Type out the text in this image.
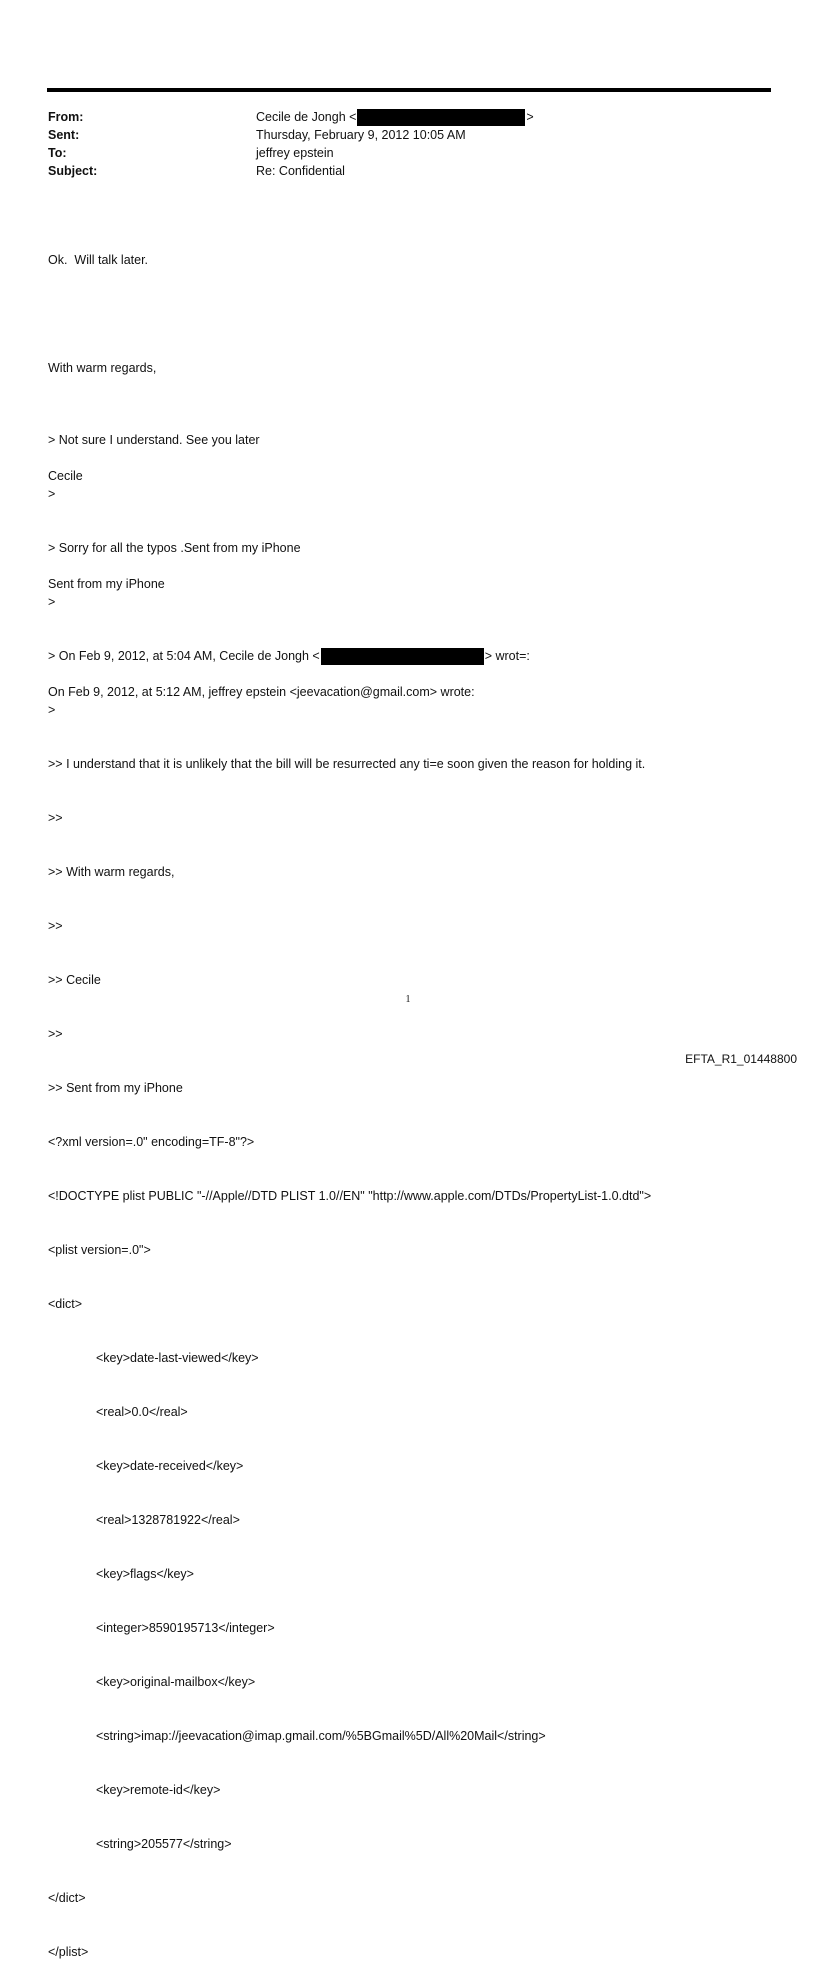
From:	Cecile de Jongh <	>
Sent:	Thursday, February 9, 2012 10:05 AM
To:	jeffrey epstein
Subject:	Re: Confidential

Ok.  Will talk later.

With warm regards,

Cecile

Sent from my iPhone

On Feb 9, 2012, at 5:12 AM, jeffrey epstein <jeevacation@gmail.com> wrote:

> Not sure I understand. See you later

>

> Sorry for all the typos .Sent from my iPhone

>

> On Feb 9, 2012, at 5:04 AM, Cecile de Jongh <	> wrot=:

>

>> I understand that it is unlikely that the bill will be resurrected any ti=e soon given the reason for holding it.

>>

>> With warm regards,

>>

>> Cecile

>>

>> Sent from my iPhone

<?xml version=.0" encoding=TF-8"?>

<!DOCTYPE plist PUBLIC "-//Apple//DTD PLIST 1.0//EN" "http://www.apple.com/DTDs/PropertyList-1.0.dtd">

<plist version=.0">

<dict>

<key>date-last-viewed</key>

<real>0.0</real>

<key>date-received</key>

<real>1328781922</real>

<key>flags</key>

<integer>8590195713</integer>

<key>original-mailbox</key>

<string>imap://jeevacation@imap.gmail.com/%5BGmail%5D/All%20Mail</string>

<key>remote-id</key>

<string>205577</string>

</dict>

</plist>

1
EFTA_R1_01448800
